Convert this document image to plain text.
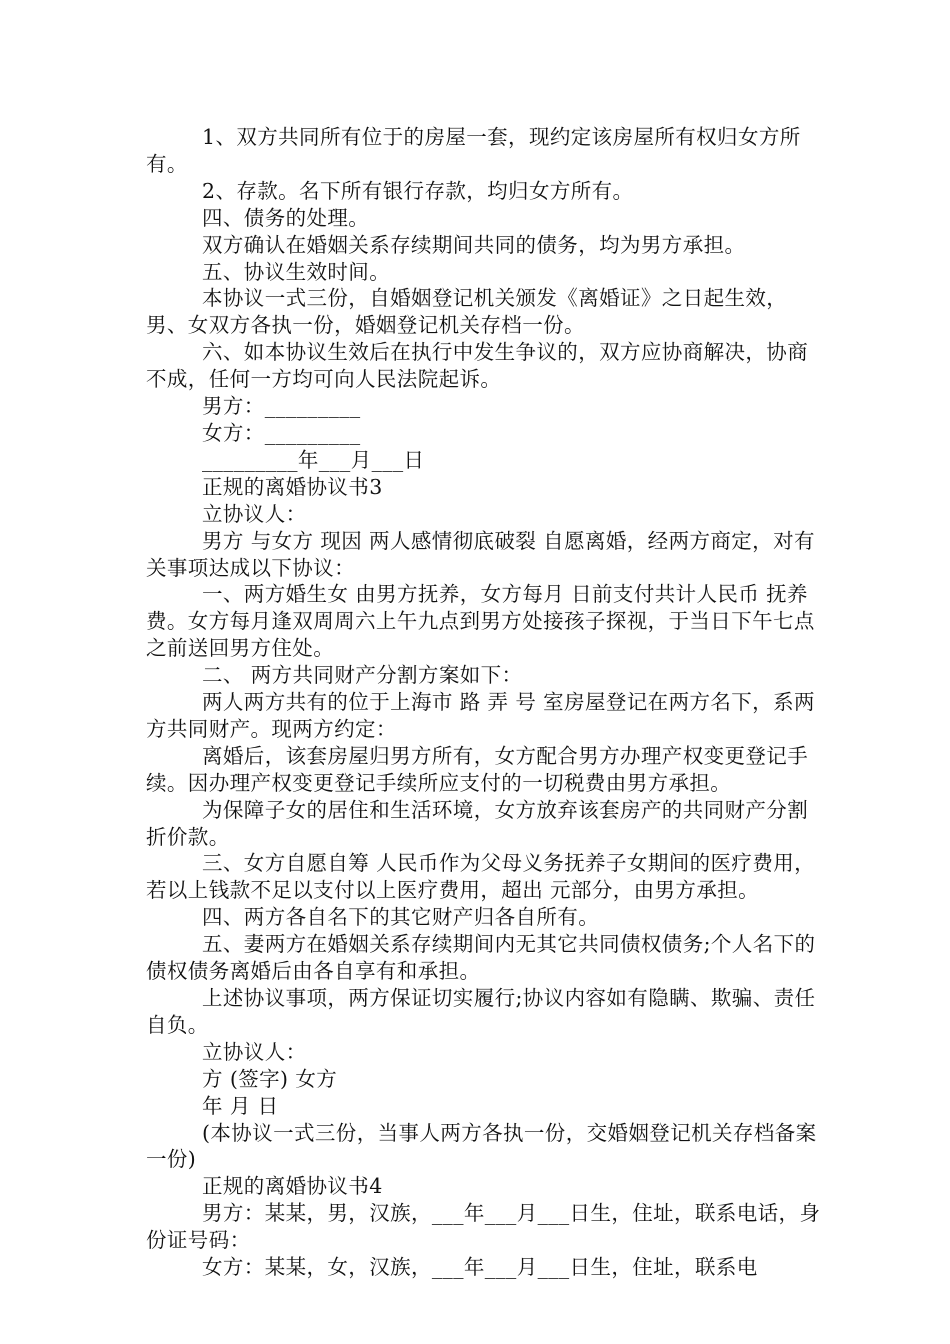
1、双方共同所有位于的房屋一套，现约定该房屋所有权归女方所有。

2、存款。名下所有银行存款，均归女方所有。

四、债务的处理。

双方确认在婚姻关系存续期间共同的债务，均为男方承担。

五、协议生效时间。

本协议一式三份，自婚姻登记机关颁发《离婚证》之日起生效，男、女双方各执一份，婚姻登记机关存档一份。

六、如本协议生效后在执行中发生争议的，双方应协商解决，协商不成，任何一方均可向人民法院起诉。

男方：_________

女方：_________

_________年___月___日

正规的离婚协议书3

立协议人：

男方 与女方 现因 两人感情彻底破裂 自愿离婚，经两方商定，对有关事项达成以下协议：

一、两方婚生女 由男方抚养，女方每月 日前支付共计人民币 抚养费。女方每月逢双周周六上午九点到男方处接孩子探视，于当日下午七点之前送回男方住处。

二、 两方共同财产分割方案如下：

两人两方共有的位于上海市 路 弄 号 室房屋登记在两方名下，系两方共同财产。现两方约定：

离婚后，该套房屋归男方所有，女方配合男方办理产权变更登记手续。因办理产权变更登记手续所应支付的一切税费由男方承担。

为保障子女的居住和生活环境，女方放弃该套房产的共同财产分割折价款。

三、女方自愿自筹 人民币作为父母义务抚养子女期间的医疗费用，若以上钱款不足以支付以上医疗费用，超出 元部分，由男方承担。

四、两方各自名下的其它财产归各自所有。

五、妻两方在婚姻关系存续期间内无其它共同债权债务;个人名下的债权债务离婚后由各自享有和承担。

上述协议事项，两方保证切实履行;协议内容如有隐瞒、欺骗、责任自负。

立协议人：

方 (签字) 女方

年 月 日

(本协议一式三份，当事人两方各执一份，交婚姻登记机关存档备案一份)

正规的离婚协议书4

男方：某某，男，汉族，___年___月___日生，住址，联系电话，身份证号码：

女方：某某，女，汉族，___年___月___日生，住址，联系电
